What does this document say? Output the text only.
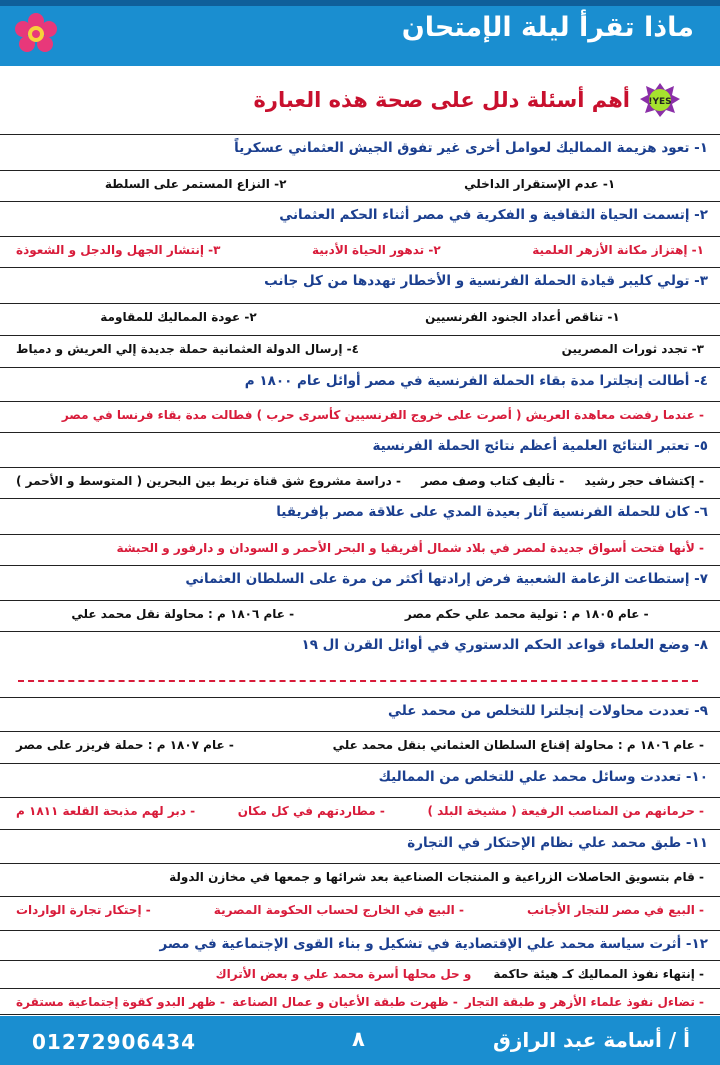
ماذا تقرأ ليلة الإمتحان
YES!
أهم أسئلة دلل على صحة هذه العبارة
١- تعود هزيمة المماليك لعوامل أخرى غير تفوق الجيش العثماني عسكرياً
١- عدم الإستقرار الداخلي
٢- النزاع المستمر على السلطة
٢- إتسمت الحياة الثقافية و الفكرية في مصر أثناء الحكم العثماني
١- إهتزاز مكانة الأزهر العلمية
٢- تدهور الحياة الأدبية
٣- إنتشار الجهل والدجل و الشعوذة
٣- تولي كليبر قيادة الحملة الفرنسية و الأخطار تهددها من كل جانب
١- تناقص أعداد الجنود الفرنسيين
٢- عودة المماليك للمقاومة
٣- تجدد ثورات المصريين
٤- إرسال الدولة العثمانية حملة جديدة إلي العريش و دمياط
٤- أطالت إنجلترا مدة بقاء الحملة الفرنسية في مصر أوائل عام ١٨٠٠ م
- عندما رفضت معاهدة العريش ( أصرت على خروج الفرنسيين كأسرى حرب ) فطالت مدة بقاء فرنسا في مصر
٥- تعتبر النتائج العلمية أعظم نتائج الحملة الفرنسية
- إكتشاف حجر رشيد
- تأليف كتاب وصف مصر
- دراسة مشروع شق قناة تربط بين البحرين ( المتوسط و الأحمر )
٦- كان للحملة الفرنسية آثار بعيدة المدي على علاقة مصر بإفريقيا
- لأنها فتحت أسواق جديدة لمصر في بلاد شمال أفريقيا و البحر الأحمر و السودان و دارفور و الحبشة
٧- إستطاعت الزعامة الشعبية فرض إرادتها أكثر من مرة على السلطان العثماني
- عام ١٨٠٥ م : تولية محمد علي حكم مصر
- عام ١٨٠٦ م : محاولة نقل محمد علي
٨- وضع العلماء قواعد الحكم الدستوري في أوائل القرن ال ١٩
٩- تعددت محاولات إنجلترا للتخلص من محمد علي
- عام ١٨٠٦ م : محاولة إقناع السلطان العثماني بنقل محمد علي
- عام ١٨٠٧ م : حملة فريزر على مصر
١٠- تعددت وسائل محمد علي للتخلص من المماليك
- حرمانهم من المناصب الرفيعة ( مشيخة البلد )
- مطاردتهم في كل مكان
- دبر لهم مذبحة القلعة ١٨١١ م
١١- طبق محمد علي نظام الإحتكار في التجارة
- قام بتسويق الحاصلات الزراعية و المنتجات الصناعية بعد شرائها و جمعها في مخازن الدولة
- البيع في مصر للتجار الأجانب
- البيع في الخارج لحساب الحكومة المصرية
- إحتكار تجارة الواردات
١٢- أثرت سياسة محمد علي الإقتصادية في تشكيل و بناء القوى الإجتماعية في مصر
- إنتهاء نفوذ المماليك كـ هيئة حاكمة
و حل محلها أسرة محمد علي و بعض الأتراك
- تضاءل نفوذ علماء الأزهر و طبقة التجار
- ظهرت طبقة الأعيان و عمال الصناعة
- ظهر البدو كقوة إجتماعية مستقرة
01272906434	٨	أ / أسامة عبد الرازق
